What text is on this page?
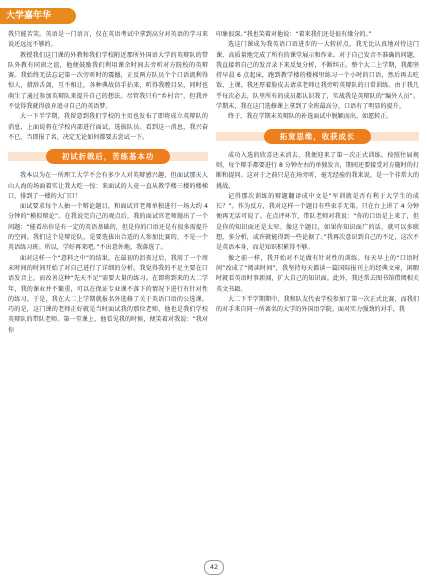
大学嘉年华

我只能苦笑。英语是一门语言，仅在英语考试中拿到高分对英语的学习来说还远远不够的。

教授我们这门课的外教和我们学校附近那所外国语大学的英辩队的带队外教有同窗之谊，他便鼓励我们利用课余时间去旁听对方院校的英辩赛。我始终无法忘记第一次旁听时的震撼，正反两方队员个个口语流利得惊人，措辞舌剑，互不相让，各种典故信手拈来，听得我瞠目呆，同时也萌生了通过参加英辩队来提升自己的想法。尽管我只有“乡村音”，但我并不觉得我就得放弃追寻自己的英语梦。

大一下半学期，我留意到我们学校的主页也发布了即将成立英辩队的消息，上面说将在学校内部进行面试，选拔队员。看到这一消息，我兴奋不已，当即报了名，决定无论如何都要去尝试一下。

初试折戟后，苦练基本功

我本以为在一所理工大学不会有多少人对英辩感兴趣，但面试那天人山人海的场面着实让我大吃一惊：来面试的人竟一直从教学楼三楼的楼梯口，排到了一楼的大门口！

面试要求每个人抽一个辩论题目，和面试官老师单独进行一场大约 4 分钟的“模拟辩论”。在我说完自己的观点后，我的面试官老师抛出了一个问题：“能看出你是有一定的英语基础的，但是你的口语还是有很多需提升的空间。我们这个是辩论队，是要选拔出合适的人参加比赛的，不是一个英语练习班。所以，学好再来吧。”不出意外地，我落选了。

面对这样一个“意料之中”的结果，在最初的沮丧过后，我用了一个周末时间的时间开始了对自己进行了详细的分析。我觉得我的不足主要在口语发音上，而改善这种“先天不足”需要大量的练习。在即将到来的大二学年，我的课业并不繁重，可以在保证专业课不落下的情况下进行有针对性的练习。于是，我在大二上学期就报名外选修了关于英语口语的公选课。巧的是，这门课的老师正好就是当时面试我的那位老师，他也是我们学校英辩队的带队老师。第一堂课上，他看见我的时候，便笑着对我说：“我对你

印象很深。”我也笑着对他说：“着来我们还是很有缘分的。”

选这门课成为我英语口语进步的一大转折点。我无比认真地对待这门课，高质量地完成了所有的课堂展示和作业。对于自己发音不准确的问题，我直接将自己的发音录下来反复分析，不断纠正。整个大二上学期，我都坚持早晨 6 点起床，跑到教学楼的楼梯里练习一个小时的口语，然后再去吃饭、上课。我还厚着脸皮去请求老师让我旁听英辩队的日常训练。由于我几乎每次必去，队里所有的成员都认识我了，实战我是英辩队的“编外人员”。学期末，我在这门选修课上拿到了全班最高分，口语有了明显的提升。

终于，我在学期末英辩队的补选面试中脱颖而出，如愿转正。

拓宽思维，收获成长

成功入选的欣喜还未消去，我便迎来了第一次正式训练。按照往届规则，每个辩手都要进行 8 分钟左右的单独发言，期间还要接受对方随时的打断和提问。这对于之前只是在场旁听，毫无经验的我来说，是一个非常大的挑战。

记得那次训练的辩题翻译成中文是“军训就是否有利于大学生的成长？”。作为反方，我对这样一个题目有些束手无策。只在台上讲了 4 分钟便再无话可说了。在点评环节，带队老师对我说：“你的口语是上来了，但是你的知识面还是太窄。像这个题目，如果你知识面广的话，就可以多联想，多分析，或许就能得到一些论据了。”我再次意识到自己的不足，这次不是英语本身，而是知识积累得不够。

像之前一样，我开始对不足做有针对性的训练。每天早上的“口语时间”改成了“阅读时间”，我坚持每天都读一篇国际报刊上的经典文章，闲暇时就看英语时事新闻，扩大自己的知识面。此外，我还常去图书馆借阅相关英文书籍。

大二下半学期期中，我和队友代表学校参加了第一次正式比赛，而我们的对手来自同一所著名的大学的外国语学院。面对实力强劲的对手，我

42
